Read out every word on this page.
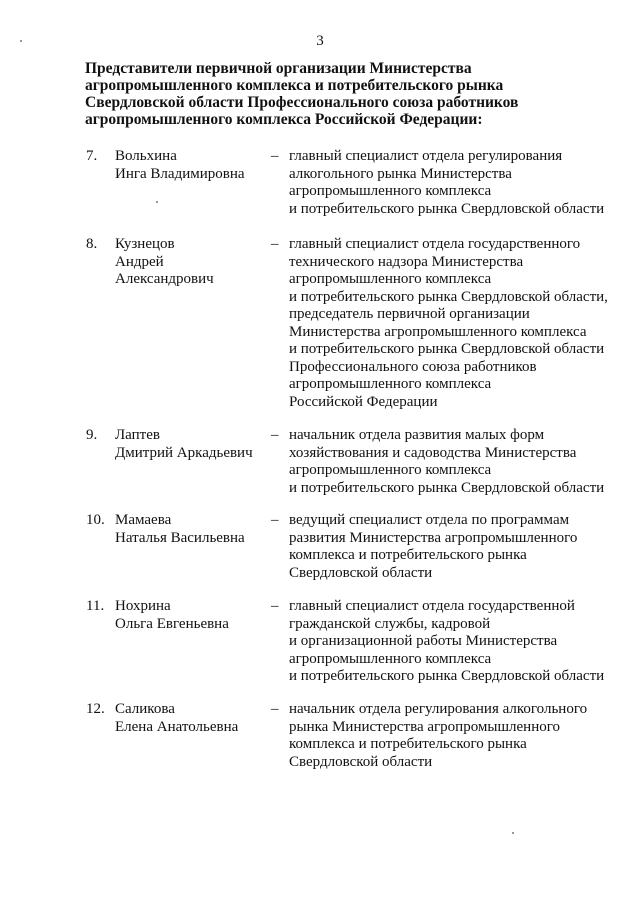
3
Представители первичной организации Министерства
агропромышленного комплекса и потребительского рынка
Свердловской области Профессионального союза работников
агропромышленного комплекса Российской Федерации:
7. Вольхина
Инга Владимировна
– главный специалист отдела регулирования
алкогольного рынка Министерства
агропромышленного комплекса
и потребительского рынка Свердловской области
8. Кузнецов
Андрей
Александрович
– главный специалист отдела государственного
технического надзора Министерства
агропромышленного комплекса
и потребительского рынка Свердловской области,
председатель первичной организации
Министерства агропромышленного комплекса
и потребительского рынка Свердловской области
Профессионального союза работников
агропромышленного комплекса
Российской Федерации
9. Лаптев
Дмитрий Аркадьевич
– начальник отдела развития малых форм
хозяйствования и садоводства Министерства
агропромышленного комплекса
и потребительского рынка Свердловской области
10. Мамаева
Наталья Васильевна
– ведущий специалист отдела по программам
развития Министерства агропромышленного
комплекса и потребительского рынка
Свердловской области
11. Нохрина
Ольга Евгеньевна
– главный специалист отдела государственной
гражданской службы, кадровой
и организационной работы Министерства
агропромышленного комплекса
и потребительского рынка Свердловской области
12. Саликова
Елена Анатольевна
– начальник отдела регулирования алкогольного
рынка Министерства агропромышленного
комплекса и потребительского рынка
Свердловской области
